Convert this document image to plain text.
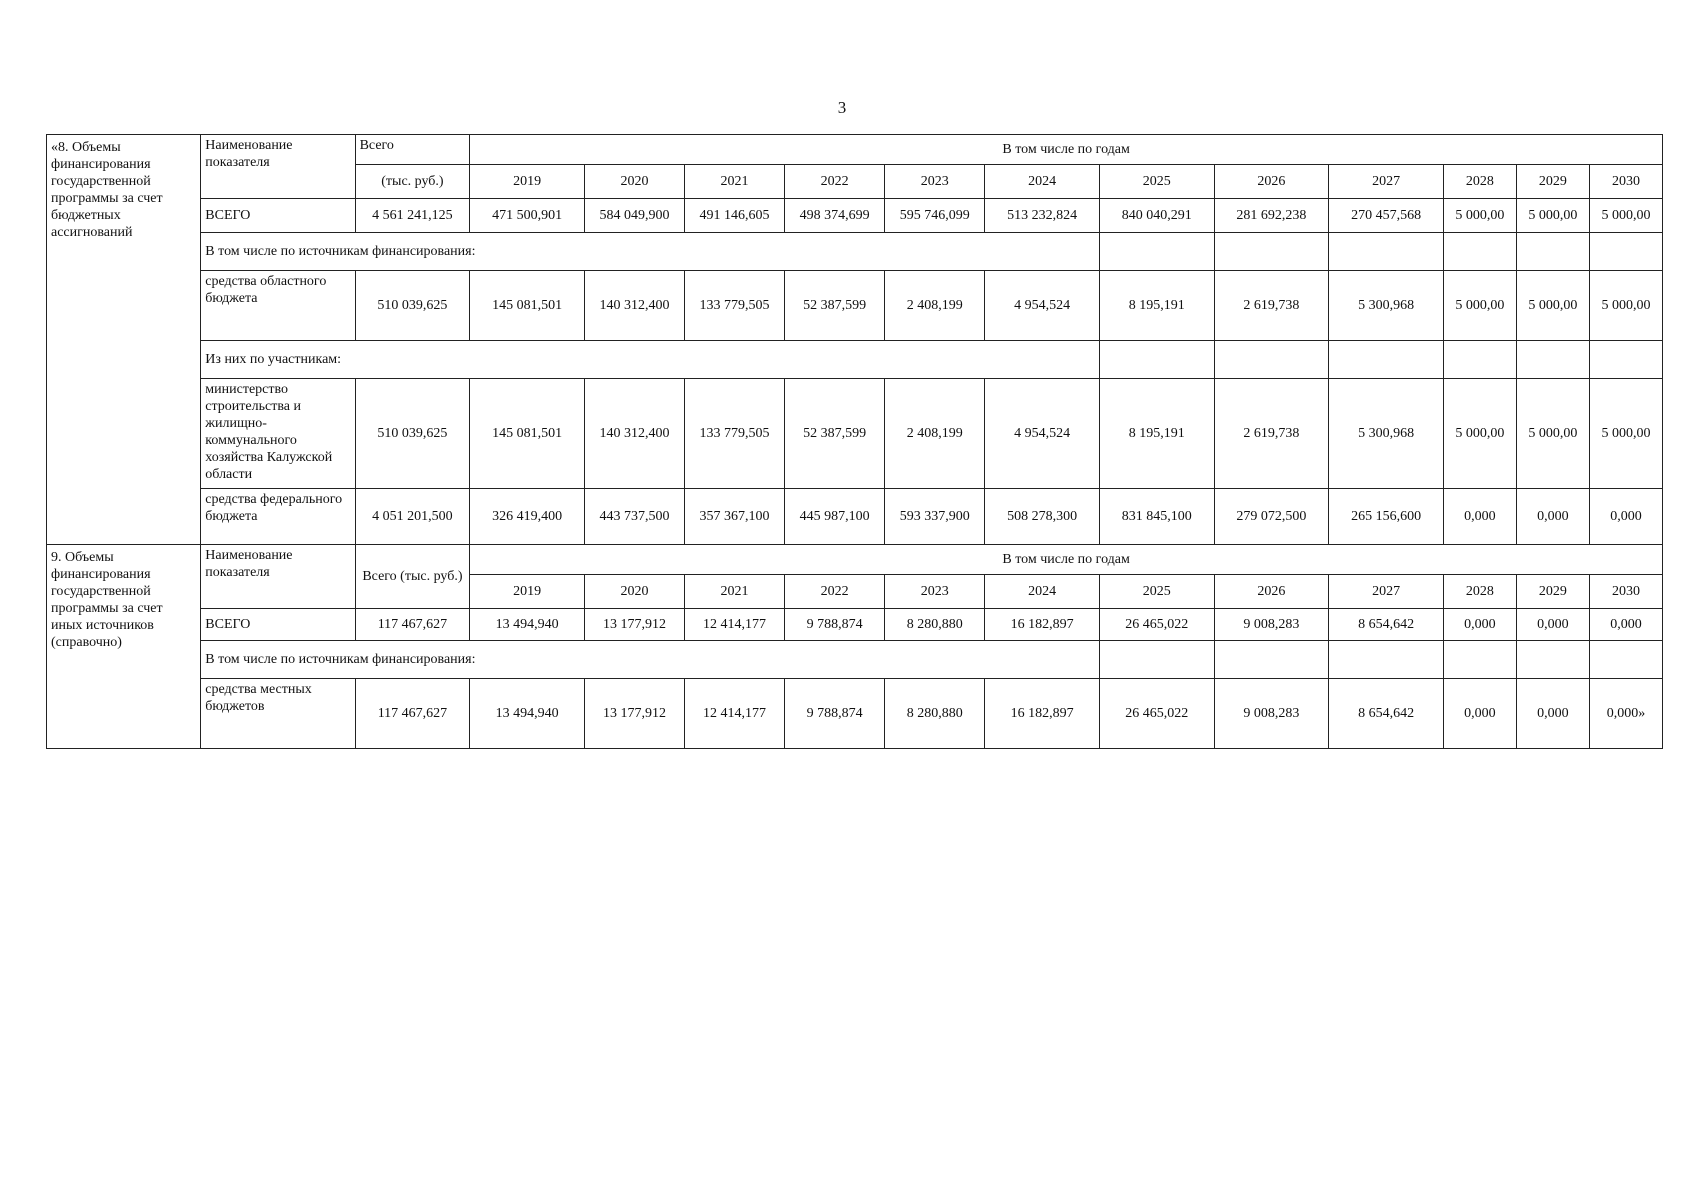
3
«8. Объемы финансирования государственной программы за счет бюджетных ассигнований	Наименование показателя	Всего	В том числе по годам											
		(тыс. руб.)	2019	2020	2021	2022	2023	2024	2025	2026	2027	2028	2029	2030
	ВСЕГО	4 561 241,125	471 500,901	584 049,900	491 146,605	498 374,699	595 746,099	513 232,824	840 040,291	281 692,238	270 457,568	5 000,00	5 000,00	5 000,00
	В том числе по источникам финансирования:													
	средства областного бюджета	510 039,625	145 081,501	140 312,400	133 779,505	52 387,599	2 408,199	4 954,524	8 195,191	2 619,738	5 300,968	5 000,00	5 000,00	5 000,00
	Из них по участникам:													
	министерство строительства и жилищно-коммунального хозяйства Калужской области	510 039,625	145 081,501	140 312,400	133 779,505	52 387,599	2 408,199	4 954,524	8 195,191	2 619,738	5 300,968	5 000,00	5 000,00	5 000,00
	средства федерального бюджета	4 051 201,500	326 419,400	443 737,500	357 367,100	445 987,100	593 337,900	508 278,300	831 845,100	279 072,500	265 156,600	0,000	0,000	0,000
9. Объемы финансирования государственной программы за счет иных источников (справочно)	Наименование показателя	Всего (тыс. руб.)	В том числе по годам											
			2019	2020	2021	2022	2023	2024	2025	2026	2027	2028	2029	2030
	ВСЕГО	117 467,627	13 494,940	13 177,912	12 414,177	9 788,874	8 280,880	16 182,897	26 465,022	9 008,283	8 654,642	0,000	0,000	0,000
	В том числе по источникам финансирования:													
	средства местных бюджетов	117 467,627	13 494,940	13 177,912	12 414,177	9 788,874	8 280,880	16 182,897	26 465,022	9 008,283	8 654,642	0,000	0,000	0,000»
